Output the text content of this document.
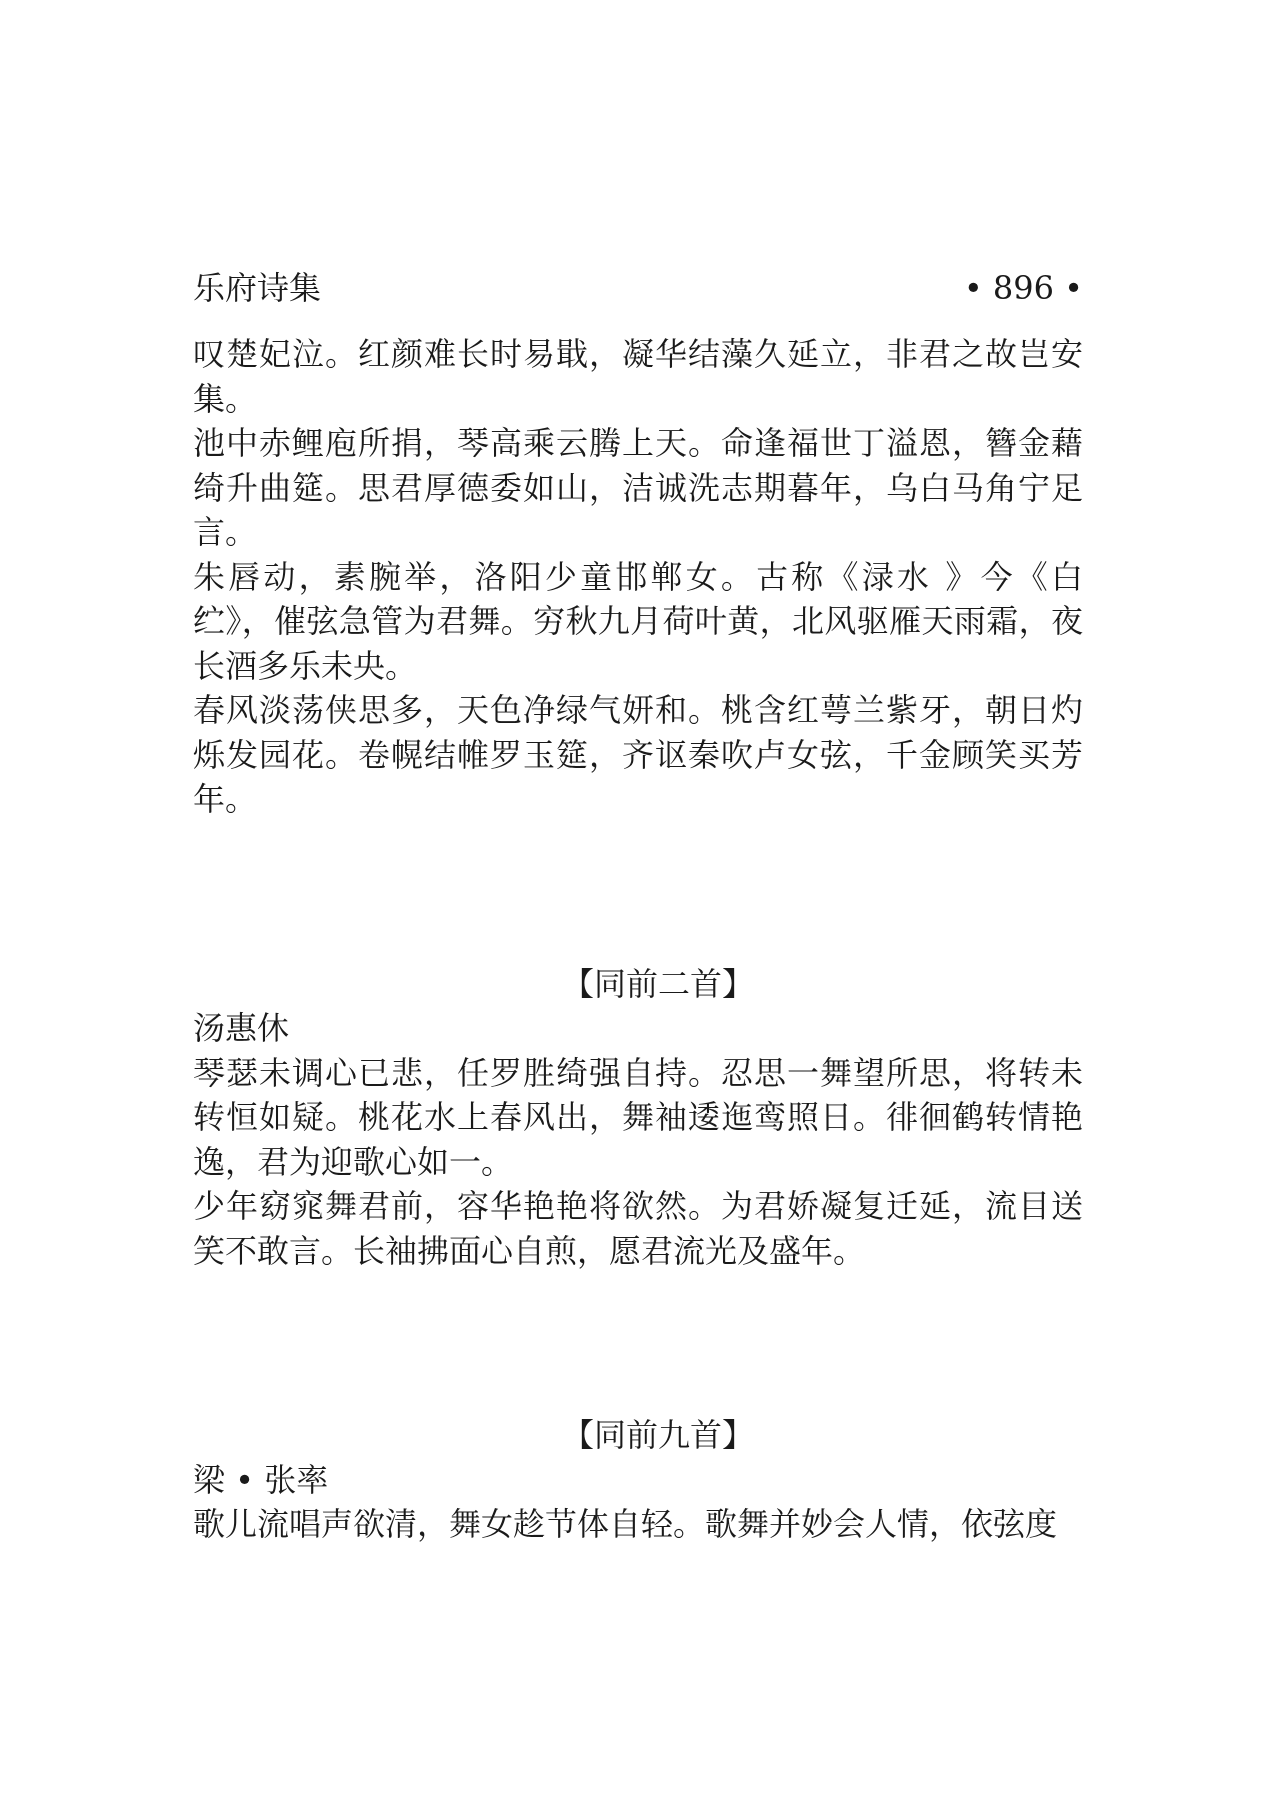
乐府诗集	• 896 •

叹楚妃泣。红颜难长时易戢，凝华结藻久延立，非君之故岂安集。

池中赤鲤庖所捐，琴高乘云腾上天。命逢福世丁溢恩，簪金藉绮升曲筵。思君厚德委如山，洁诚洗志期暮年，乌白马角宁足言。

朱唇动，素腕举，洛阳少童邯郸女。古称《渌水 》今《白纻》，催弦急管为君舞。穷秋九月荷叶黄，北风驱雁天雨霜，夜长酒多乐未央。

春风淡荡侠思多，天色净绿气妍和。桃含红萼兰紫牙，朝日灼烁发园花。卷幌结帷罗玉筵，齐讴秦吹卢女弦，千金顾笑买芳年。

【同前二首】

汤惠休

琴瑟未调心已悲，任罗胜绮强自持。忍思一舞望所思，将转未转恒如疑。桃花水上春风出，舞袖逶迤鸾照日。徘徊鹤转情艳逸，君为迎歌心如一。

少年窈窕舞君前，容华艳艳将欲然。为君娇凝复迁延，流目送笑不敢言。长袖拂面心自煎，愿君流光及盛年。

【同前九首】

梁 • 张率

歌儿流唱声欲清，舞女趁节体自轻。歌舞并妙会人情，依弦度
